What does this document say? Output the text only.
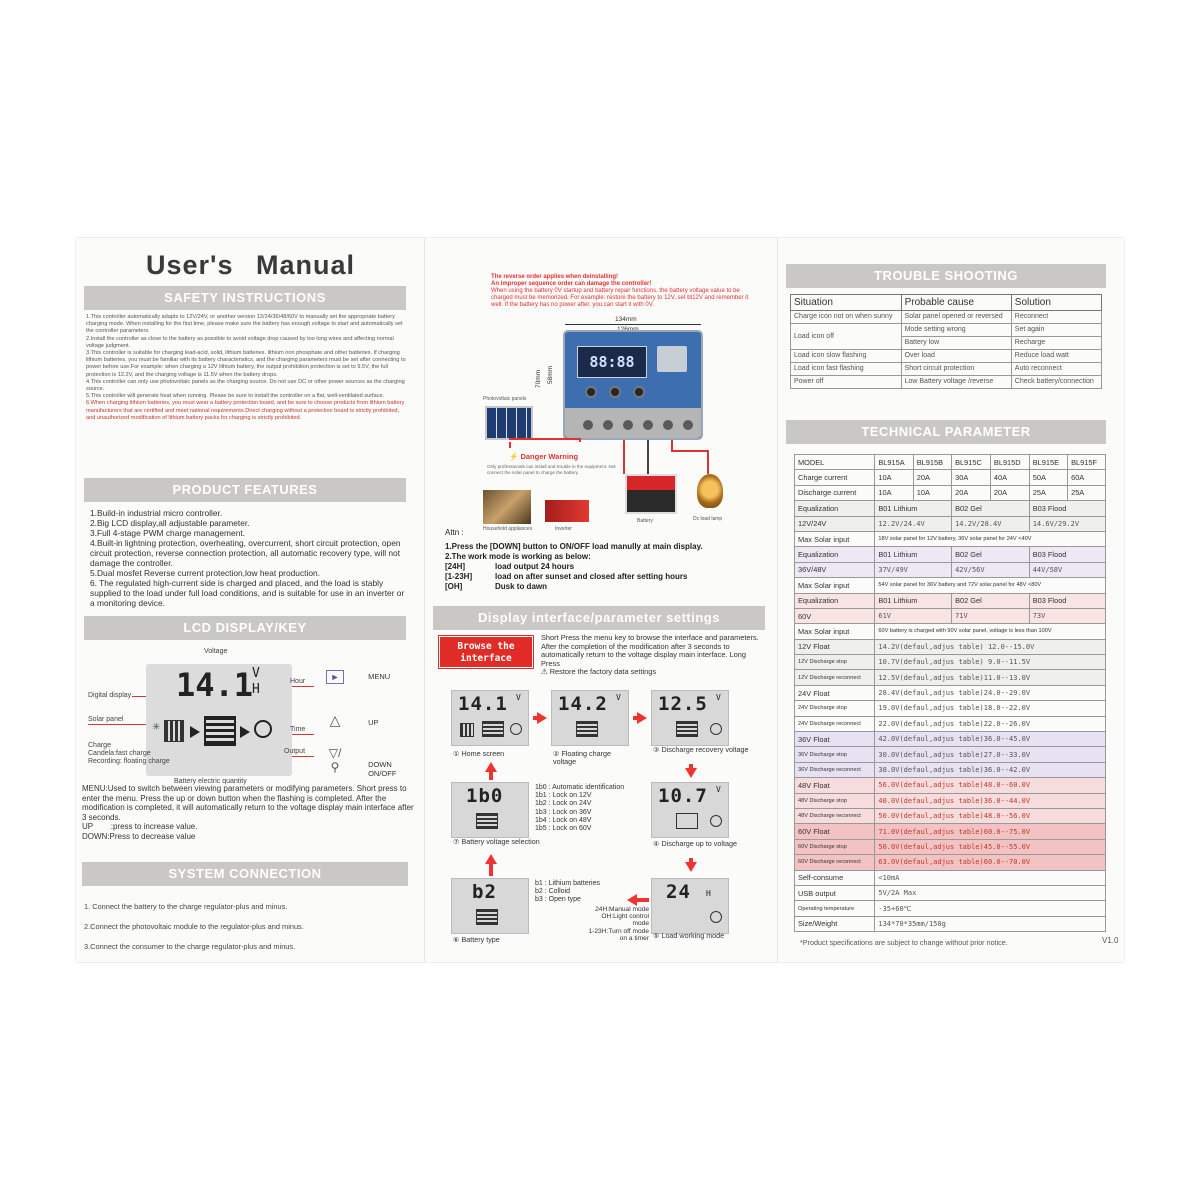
User's Manual
SAFETY INSTRUCTIONS
1.This controller automatically adapts to 12V/24V, or another version 12/24/36/48/60V to manually set the appropriate battery charging mode. When installing for the first time, please make sure the battery has enough voltage to start and automatically set the controller parameters.
2.Install the controller as close to the battery as possible to avoid voltage drop caused by too long wires and affecting normal voltage judgment.
3.This controller is suitable for charging lead-acid, solid, lithium batteries. lithium iron phosphate and other batteries. If charging lithium batteries, you must be familiar with its battery characteristics, and the charging parameters must be set after connecting to power before use.For example: when charging a 12V lithium battery, the output prohibition protection is set to 9.5V, the full protection is 12.2V, and the charging voltage is 11.5V when the battery drops.
4.This controller can only use photovoltaic panels as the charging source. Do not use DC or other power sources as the charging source.
5.This controller will generate heat when running. Please be sure to install the controller on a flat, well-ventilated surface.
6.When charging lithium batteries, you must wear a battery protection board, and be sure to choose products from lithium battery manufacturers that are certified and meet national requirements.Direct charging without a protective board is strictly prohibited, and unauthorized modification of lithium battery packs for charging is strictly prohibited.
PRODUCT FEATURES
1.Build-in industrial micro controller.
2.Big LCD display,all adjustable parameter.
3.Full 4-stage PWM charge management.
4.Built-in lightning protection, overheating, overcurrent, short circuit protection, open circuit protection, reverse connection protection, all automatic recovery type, will not damage the controller.
5.Dual mosfet Reverse current protection,low heat production.
6. The regulated high-current side is charged and placed, and the load is stably supplied to the load under full load conditions, and is suitable for use in an inverter or a monitoring device.
LCD DISPLAY/KEY
Voltage
14.1
V
H
✳
Digital display
Solar panel
Hour
Time
Output
Charge
Candela:fast charge
Recording: floating charge
Battery electric quantity
►	MENU
△	UP
▽/⚲	DOWN
ON/OFF
MENU:Used to switch between viewing parameters or modifying parameters. Short press to enter the menu. Press the up or down button when the flashing is completed. After the modification is completed, it will automatically return to the voltage display main interface after 3 seconds.
UP        :press to increase value.
DOWN:Press to decrease value
SYSTEM CONNECTION
1. Connect the battery to the charge regulator-plus and minus.
2.Connect the photovoltaic module to the regulator-plus and minus.
3.Connect the consumer to the charge regulator-plus and minus.
The reverse order applies when deinstalling!
An improper sequence order can damage the controller!
When using the battery 0V startup and battery repair functions, the battery voltage value to be charged must be memorized. For example: restore the battery to 12V, set bt12V and remember it well. If the battery has no power after, you can start it with 0V.
134mm
70mm 58mm
88:88
Photovoltaic panels
⚡ Danger Warning
Only professionals can install and trouble in the equipment. Not connect the solar panel to charge the battery.
Household appliances	Inverter
Battery	Dc load lamp
Attn :
1.Press the [DOWN] button to ON/OFF load manully at main display.
2.The work mode is working as below:
[24H]	load output 24 hours
[1-23H]	load on after sunset and closed after setting hours
[OH]	Dusk to dawn
Display interface/parameter settings
Browse the interface
Short Press the menu key to browse the interface and parameters. After the completion of the modification after 3 seconds to automatically return to the voltage display main interface. Long Press
⚠ Restore the factory data settings
14.1 V
① Home screen
14.2 V
② Floating charge voltage
12.5 V
③ Discharge recovery voltage
10.7 V
④ Discharge up to voltage
1b0
⑦ Battery voltage selection
1b0 : Automatic identification
1b1 : Lock on 12V
1b2 : Lock on 24V
1b3 : Lock on 36V
1b4 : Lock on 48V
1b5 : Lock on 60V
24 H
⑤ Load working mode
24H:Manual mode
OH:Light control mode
1-23H:Turn off mode on a timer
b2
⑥ Battery type
b1 : Lithium batteries
b2 : Colloid
b3 : Open type
TROUBLE SHOOTING
Situation	Probable cause	Solution
Charge icon not on when sunny	Solar panel opened or reversed	Reconnect
Load icon off	Mode setting wrong	Set again
	Battery low	Recharge
Load icon slow flashing	Over load	Reduce load watt
Load icon fast flashing	Short circuit protection	Auto reconnect
Power off	Low Battery voltage /reverse	Check battery/connection
TECHNICAL PARAMETER
MODEL	BL915A	BL915B	BL915C	BL915D	BL915E	BL915F
Charge current	10A	20A	30A	40A	50A	60A
Discharge current	10A	10A	20A	20A	25A	25A
Equalization	B01 Lithium		B02 Gel		B03 Flood	
12V/24V	12.2V/24.4V		14.2V/28.4V		14.6V/29.2V	
Max Solar input	18V solar panel for 12V battery, 36V solar panel for 24V <40V					
Equalization	B01 Lithium		B02 Gel		B03 Flood	
36V/48V	37V/49V		42V/56V		44V/58V	
Max Solar input	54V solar panel for 36V battery and 72V solar panel for 48V <80V					
Equalization	B01 Lithium		B02 Gel		B03 Flood	
60V	61V		71V		73V	
Max Solar input	60V battery is charged with 90V solar panel, voltage is less than 100V					
12V Float	14.2V(defaul,adjus table) 12.0--15.0V					
12V Discharge stop	10.7V(defaul,adjus table) 9.0--11.5V					
12V Discharge reconnect	12.5V(defaul,adjus table)11.0--13.0V					
24V Float	28.4V(defaul,adjus table)24.0--29.0V					
24V Discharge stop	19.0V(defaul,adjus table)18.0--22.0V					
24V Discharge reconnect	22.0V(defaul,adjus table)22.0--26.0V					
36V Float	42.0V(defaul,adjus table)36.0--45.0V					
36V Discharge stop	30.0V(defaul,adjus table)27.0--33.0V					
36V Discharge reconnect	38.0V(defaul,adjus table)36.0--42.0V					
48V Float	56.0V(defaul,adjus table)48.0--60.0V					
48V Discharge stop	40.0V(defaul,adjus table)36.0--44.0V					
48V Discharge reconnect	50.0V(defaul,adjus table)48.0--56.0V					
60V Float	71.0V(defaul,adjus table)60.0--75.0V					
60V Discharge stop	50.0V(defaul,adjus table)45.0--55.0V					
60V Discharge reconnect	63.0V(defaul,adjus table)60.0--70.0V					
Self-consume	<10mA					
USB output	5V/2A Max					
Operating temperature	-35+60℃					
Size/Weight	134*70*35mm/150g					
*Product specifications are subject to change without prior notice.	V1.0
